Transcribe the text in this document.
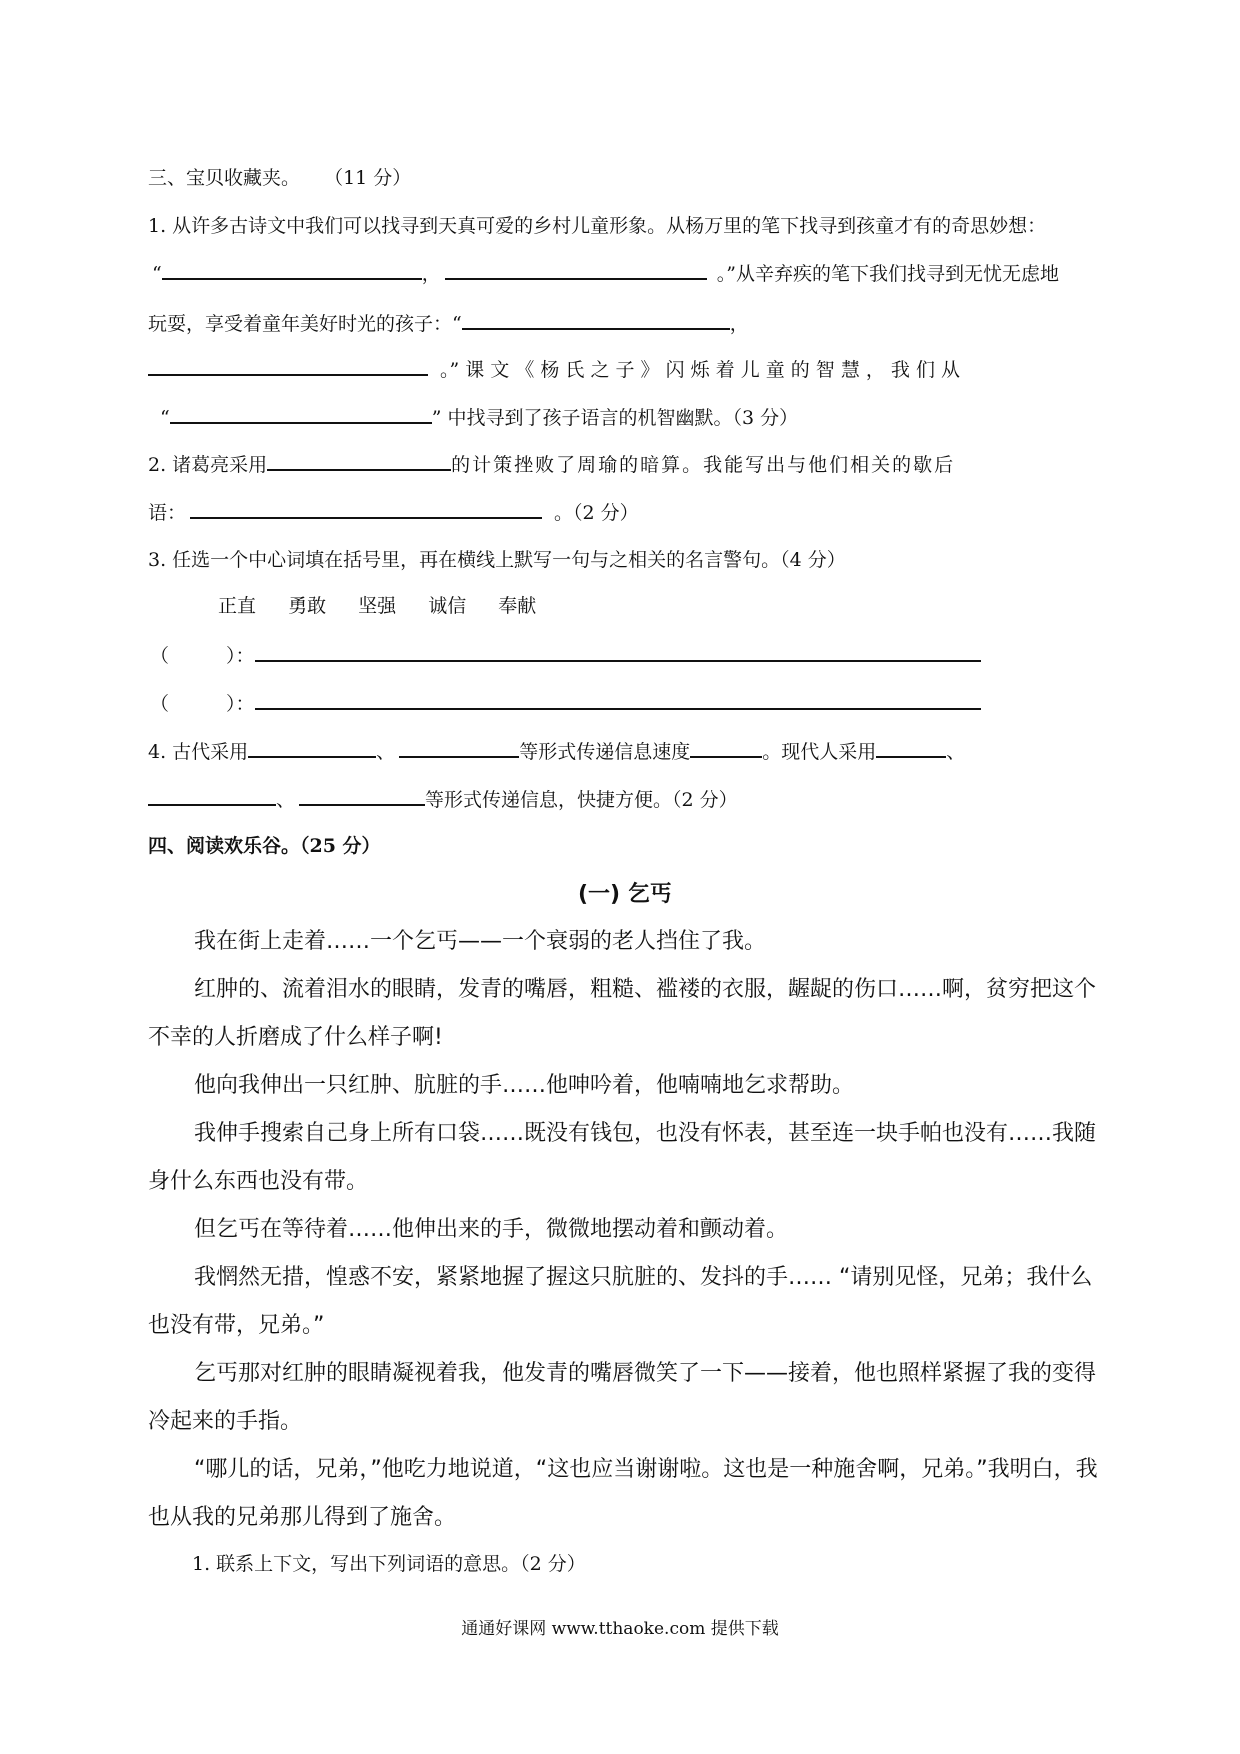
三、宝贝收藏夹。 （11 分）
1. 从许多古诗文中我们可以找寻到天真可爱的乡村儿童形象。从杨万里的笔下找寻到孩童才有的奇思妙想：
“	，	。”从辛弃疾的笔下我们找寻到无忧无虑地
玩耍，享受着童年美好时光的孩子：“	，
。” 课 文 《 杨 氏 之 子 》 闪 烁 着 儿 童 的 智 慧 ， 我 们 从
“	” 中找寻到了孩子语言的机智幽默。（3 分）
2. 诸葛亮采用	的计策挫败了周瑜的暗算。我能写出与他们相关的歇后
语：	。（2 分）
3. 任选一个中心词填在括号里，再在横线上默写一句与之相关的名言警句。（4 分）
正直 勇敢 坚强 诚信 奉献
（　　　）：
（　　　）：
4. 古代采用	、	等形式传递信息速度	。现代人采用	、
、	等形式传递信息，快捷方便。（2 分）
四、阅读欢乐谷。（25 分）
(一) 乞丐
我在街上走着……一个乞丐——一个衰弱的老人挡住了我。
红肿的、流着泪水的眼睛，发青的嘴唇，粗糙、褴褛的衣服，龌龊的伤口……啊，贫穷把这个不幸的人折磨成了什么样子啊!
他向我伸出一只红肿、肮脏的手……他呻吟着，他喃喃地乞求帮助。
我伸手搜索自己身上所有口袋……既没有钱包，也没有怀表，甚至连一块手帕也没有……我随身什么东西也没有带。
但乞丐在等待着……他伸出来的手，微微地摆动着和颤动着。
我惘然无措，惶惑不安，紧紧地握了握这只肮脏的、发抖的手…… “请别见怪，兄弟；我什么也没有带，兄弟。”
乞丐那对红肿的眼睛凝视着我，他发青的嘴唇微笑了一下——接着，他也照样紧握了我的变得冷起来的手指。
“哪儿的话，兄弟，”他吃力地说道，“这也应当谢谢啦。这也是一种施舍啊，兄弟。”我明白，我也从我的兄弟那儿得到了施舍。
1. 联系上下文，写出下列词语的意思。（2 分）
通通好课网 www.tthaoke.com 提供下载
